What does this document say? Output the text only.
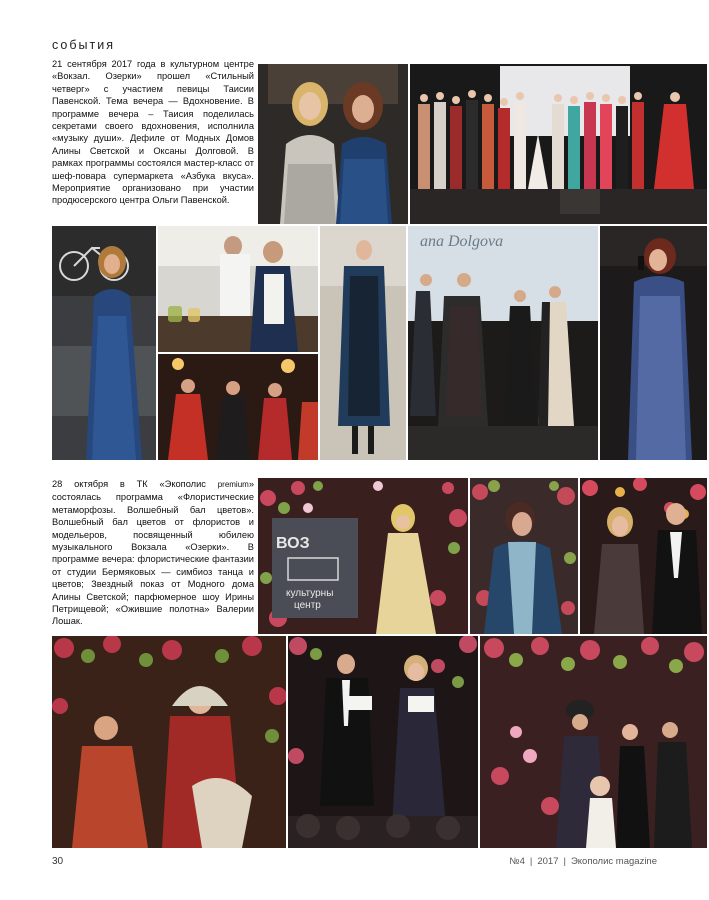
события

21 сентября 2017 года в культурном центре «Вокзал. Озерки» прошел «Стильный четверг» с участием певицы Таисии Павенской. Тема вечера — Вдохновение. В программе вечера – Таисия поделилась секретами своего вдохновения, исполнила «музыку души». Дефиле от Модных Домов Алины Светской и Оксаны Долговой. В рамках программы состоялся мастер-класс от шеф-повара супермаркета «Азбука вкуса». Мероприятие организовано при участии продюсерского центра Ольги Павенской.

ana Dolgova

28 октября в ТК «Экополис premium» состоялась программа «Флористические метаморфозы. Волшебный бал цветов». Волшебный бал цветов от флористов и модельеров, посвященный юбилею музыкального Вокзала «Озерки». В программе вечера: флористические фантазии от студии Бермяковых — симбиоз танца и цветов; Звездный показ от Модного дома Алины Светской; парфюмерное шоу Ирины Петрищевой; «Ожившие полотна» Валерии Лошак.

ВОЗ
культурны
центр
30	№4 | 2017 | Экополис magazine
